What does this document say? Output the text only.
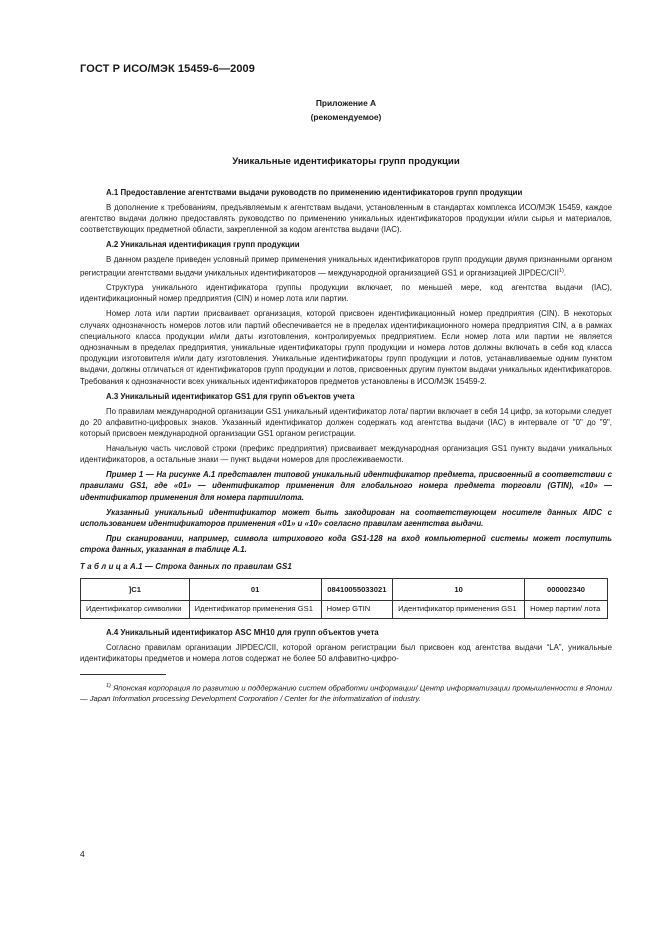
ГОСТ Р ИСО/МЭК 15459-6—2009
Приложение А
(рекомендуемое)
Уникальные идентификаторы групп продукции

А.1 Предоставление агентствами выдачи руководств по применению идентификаторов групп продукции

В дополнение к требованиям, предъявляемым к агентствам выдачи, установленным в стандартах комплекса ИСО/МЭК 15459, каждое агентство выдачи должно предоставлять руководство по применению уникальных идентификаторов продукции и/или сырья и материалов, соответствующих предметной области, закрепленной за кодом агентства выдачи (IAC).

А.2 Уникальная идентификация групп продукции

В данном разделе приведен условный пример применения уникальных идентификаторов групп продукции двумя признанными органом регистрации агентствами выдачи уникальных идентификаторов — международной организацией GS1 и организацией JIPDEC/CII$^{1)}$.

Структура уникального идентификатора группы продукции включает, по меньшей мере, код агентства выдачи (IAC), идентификационный номер предприятия (CIN) и номер лота или партии.

Номер лота или партии присваивает организация, которой присвоен идентификационный номер предприятия (CIN). В некоторых случаях однозначность номеров лотов или партий обеспечивается не в пределах идентификационного номера предприятия CIN, а в рамках специального класса продукции и/или даты изготовления, контролируемых предприятием. Если номер лота или партии не является однозначным в пределах предприятия, уникальные идентификаторы групп продукции и номера лотов должны включать в себя код класса продукции изготовителя и/или дату изготовления. Уникальные идентификаторы групп продукции и лотов, устанавливаемые одним пунктом выдачи, должны отличаться от идентификаторов групп продукции и лотов, присвоенных другим пунктом выдачи уникальных идентификаторов. Требования к однозначности всех уникальных идентификаторов предметов установлены в ИСО/МЭК 15459-2.

А.3 Уникальный идентификатор GS1 для групп объектов учета

По правилам международной организации GS1 уникальный идентификатор лота/ партии включает в себя 14 цифр, за которыми следует до 20 алфавитно-цифровых знаков. Указанный идентификатор должен содержать код агентства выдачи (IAC) в интервале от "0" до "9", который присвоен международной организации GS1 органом регистрации.

Начальную часть числовой строки (префикс предприятия) присваивает международная организация GS1 пункту выдачи уникальных идентификаторов, а остальные знаки — пункт выдачи номеров для прослеживаемости.

Пример 1 — На рисунке А.1 представлен типовой уникальный идентификатор предмета, присвоенный в соответствии с правилами GS1, где «01» — идентификатор применения для глобального номера предмета торговли (GTIN), «10» — идентификатор применения для номера партии/лота.

Указанный уникальный идентификатор может быть закодирован на соответствующем носителе данных AIDC с использованием идентификаторов применения «01» и «10» согласно правилам агентства выдачи.

При сканировании, например, символа штрихового кода GS1-128 на вход компьютерной системы может поступить строка данных, указанная в таблице А.1.

Т а б л и ц а А.1 — Строка данных по правилам GS1

]C1	01	08410055033021	10	000002340
Идентификатор символики	Идентификатор применения GS1	Номер GTIN	Идентификатор применения GS1	Номер партии/ лота

А.4 Уникальный идентификатор ASC MH10 для групп объектов учета

Согласно правилам организации JIPDEC/CII, которой органом регистрации был присвоен код агентства выдачи “LA”, уникальные идентификаторы предметов и номера лотов содержат не более 50 алфавитно-цифро-

$^{1)}$ Японская корпорация по развитию и поддержанию систем обработки информации/ Центр информатизации промышленности в Японии — Japan Information processing Development Corporation / Center for the informatization of industry.

4
